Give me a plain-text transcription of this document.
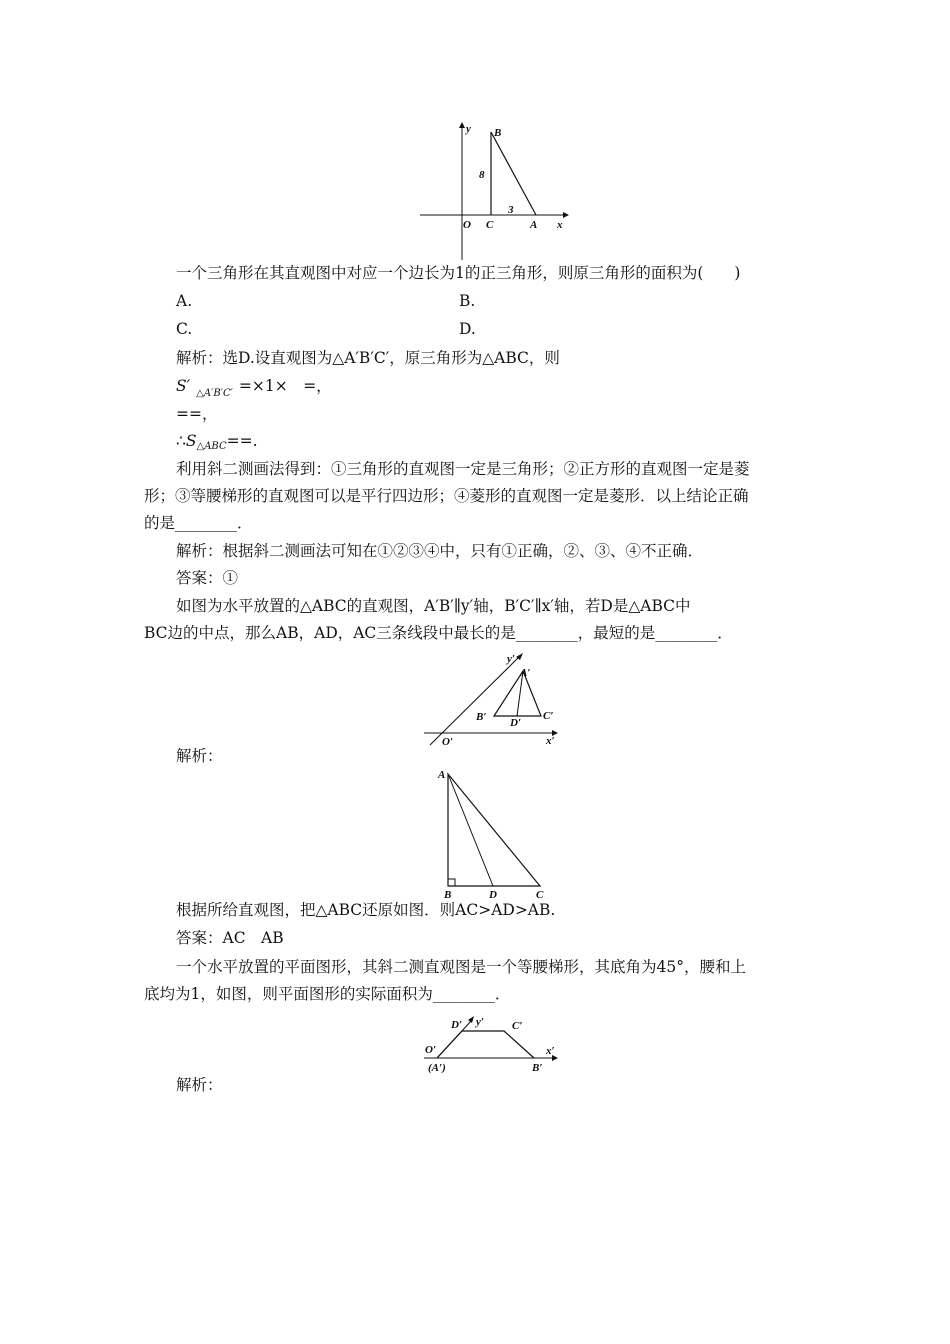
y B
8
3
O C	A x
一个三角形在其直观图中对应一个边长为1的正三角形，则原三角形的面积为(　　)
A.	B.
C.	D.
解析：选D.设直观图为△A′B′C′，原三角形为△ABC，则
S′ $_{\triangle A'B'C'}$ =×1×　=，
==，
∴S△ABC==.
利用斜二测画法得到：①三角形的直观图一定是三角形；②正方形的直观图一定是菱
形；③等腰梯形的直观图可以是平行四边形；④菱形的直观图一定是菱形．以上结论正确
的是________．
解析：根据斜二测画法可知在①②③④中，只有①正确，②、③、④不正确．
答案：①
如图为水平放置的△ABC的直观图，A′B′∥y′轴，B′C′∥x′轴，若D是△ABC中
BC边的中点，那么AB，AD，AC三条线段中最长的是________，最短的是________．
y′
A′
B′ D′
C′
O′	x′
解析：
A
B	D	C
根据所给直观图，把△ABC还原如图．则AC>AD>AB.
答案：AC　AB
一个水平放置的平面图形，其斜二测直观图是一个等腰梯形，其底角为45°，腰和上
底均为1，如图，则平面图形的实际面积为________．
D′ y′	C′
O′	x′
(A′)	B′
解析：
